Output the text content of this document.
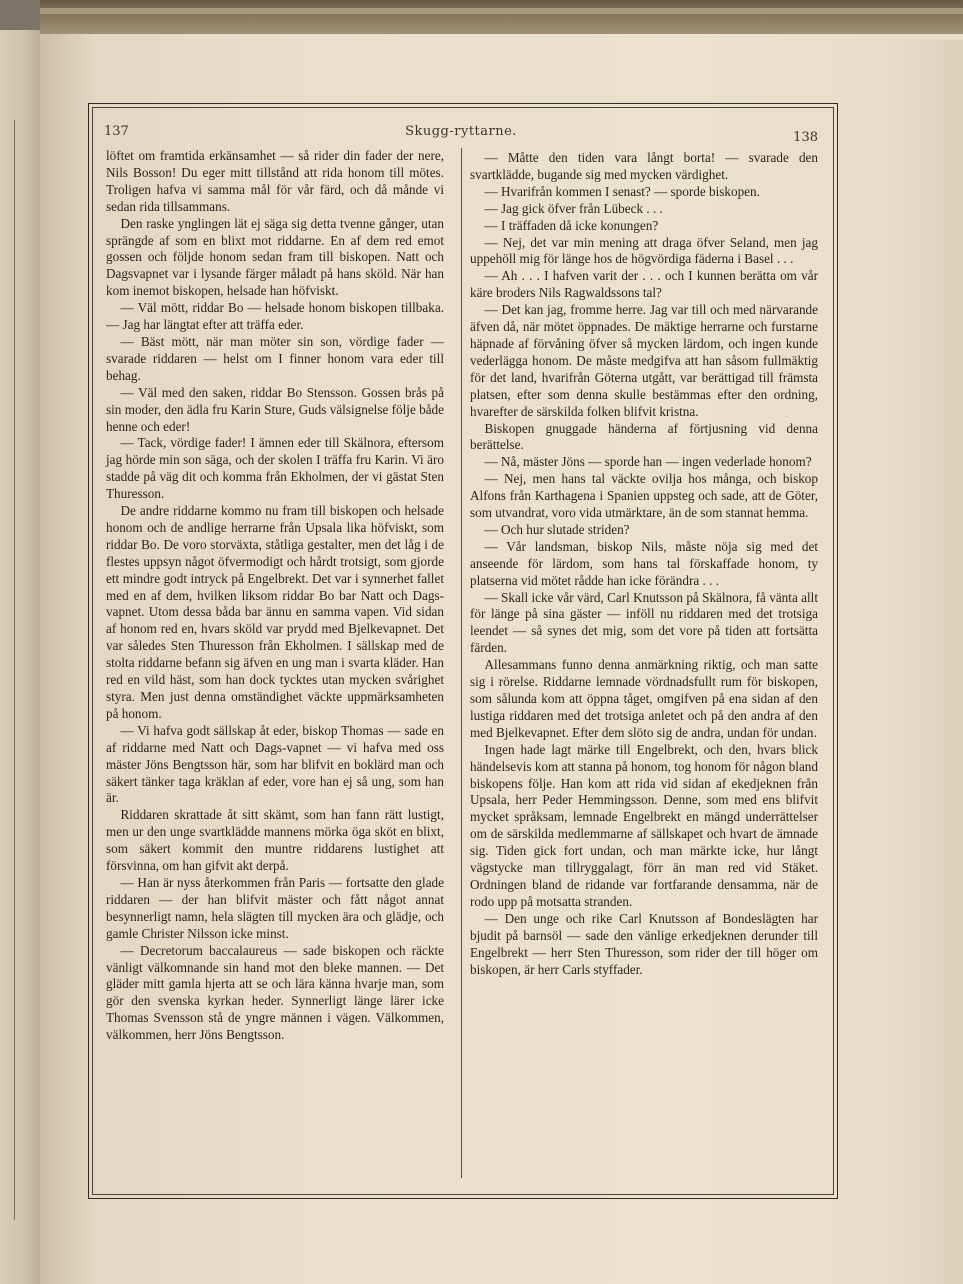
137	Skugg-ryttarne.	138

löftet om framtida erkänsamhet — så rider din fader der nere, Nils Bosson! Du eger mitt tillstånd att rida honom till mötes. Troligen hafva vi samma mål för vår färd, och då månde vi sedan rida tillsammans.

Den raske ynglingen lät ej säga sig detta tvenne gånger, utan sprängde af som en blixt mot riddarne. En af dem red emot gossen och följde honom sedan fram till biskopen. Natt och Dagsvapnet var i lysande färger måladt på hans sköld. När han kom inemot biskopen, helsade han höfviskt.

— Väl mött, riddar Bo — helsade honom biskopen tillbaka. — Jag har längtat efter att träffa eder.

— Bäst mött, när man möter sin son, vördige fader — svarade riddaren — helst om I finner honom vara eder till behag.

— Väl med den saken, riddar Bo Stensson. Gossen brås på sin moder, den ädla fru Karin Sture, Guds välsignelse följe både henne och eder!

— Tack, vördige fader! I ämnen eder till Skälnora, eftersom jag hörde min son säga, och der skolen I träffa fru Karin. Vi äro stadde på väg dit och komma från Ekholmen, der vi gästat Sten Thuresson.

De andre riddarne kommo nu fram till biskopen och helsade honom och de andlige herrarne från Upsala lika höfviskt, som riddar Bo. De voro storväxta, ståtliga gestalter, men det låg i de flestes uppsyn något öfvermodigt och hårdt trotsigt, som gjorde ett mindre godt intryck på Engelbrekt. Det var i synnerhet fallet med en af dem, hvilken liksom riddar Bo bar Natt och Dags-vapnet. Utom dessa båda bar ännu en samma vapen. Vid sidan af honom red en, hvars sköld var prydd med Bjelkevapnet. Det var således Sten Thuresson från Ekholmen. I sällskap med de stolta riddarne befann sig äfven en ung man i svarta kläder. Han red en vild häst, som han dock tycktes utan mycken svårighet styra. Men just denna omständighet väckte uppmärksamheten på honom.

— Vi hafva godt sällskap åt eder, biskop Thomas — sade en af riddarne med Natt och Dags-vapnet — vi hafva med oss mäster Jöns Bengtsson här, som har blifvit en boklärd man och säkert tänker taga kräklan af eder, vore han ej så ung, som han är.

Riddaren skrattade åt sitt skämt, som han fann rätt lustigt, men ur den unge svartklädde mannens mörka öga sköt en blixt, som säkert kommit den muntre riddarens lustighet att försvinna, om han gifvit akt derpå.

— Han är nyss återkommen från Paris — fortsatte den glade riddaren — der han blifvit mäster och fått något annat besynnerligt namn, hela slägten till mycken ära och glädje, och gamle Christer Nilsson icke minst.

— Decretorum baccalaureus — sade biskopen och räckte vänligt välkomnande sin hand mot den bleke mannen. — Det gläder mitt gamla hjerta att se och lära känna hvarje man, som gör den svenska kyrkan heder. Synnerligt länge lärer icke Thomas Svensson stå de yngre männen i vägen. Välkommen, välkommen, herr Jöns Bengtsson.

— Måtte den tiden vara långt borta! — svarade den svartklädde, bugande sig med mycken värdighet.

— Hvarifrån kommen I senast? — sporde biskopen.

— Jag gick öfver från Lübeck . . .

— I träffaden då icke konungen?

— Nej, det var min mening att draga öfver Seland, men jag uppehöll mig för länge hos de högvördiga fäderna i Basel . . .

— Ah . . . I hafven varit der . . . och I kunnen berätta om vår käre broders Nils Ragwaldssons tal?

— Det kan jag, fromme herre. Jag var till och med närvarande äfven då, när mötet öppnades. De mäktige herrarne och furstarne häpnade af förvåning öfver så mycken lärdom, och ingen kunde vederlägga honom. De måste medgifva att han såsom fullmäktig för det land, hvarifrån Göterna utgått, var berättigad till främsta platsen, efter som denna skulle bestämmas efter den ordning, hvarefter de särskilda folken blifvit kristna.

Biskopen gnuggade händerna af förtjusning vid denna berättelse.

— Nå, mäster Jöns — sporde han — ingen vederlade honom?

— Nej, men hans tal väckte ovilja hos många, och biskop Alfons från Karthagena i Spanien uppsteg och sade, att de Göter, som utvandrat, voro vida utmärktare, än de som stannat hemma.

— Och hur slutade striden?

— Vår landsman, biskop Nils, måste nöja sig med det anseende för lärdom, som hans tal förskaffade honom, ty platserna vid mötet rådde han icke förändra . . .

— Skall icke vår värd, Carl Knutsson på Skälnora, få vänta allt för länge på sina gäster — inföll nu riddaren med det trotsiga leendet — så synes det mig, som det vore på tiden att fortsätta färden.

Allesammans funno denna anmärkning riktig, och man satte sig i rörelse. Riddarne lemnade vördnadsfullt rum för biskopen, som sålunda kom att öppna tåget, omgifven på ena sidan af den lustiga riddaren med det trotsiga anletet och på den andra af den med Bjelkevapnet. Efter dem slöto sig de andra, undan för undan.

Ingen hade lagt märke till Engelbrekt, och den, hvars blick händelsevis kom att stanna på honom, tog honom för någon bland biskopens följe. Han kom att rida vid sidan af ekedjeknen från Upsala, herr Peder Hemmingsson. Denne, som med ens blifvit mycket språksam, lemnade Engelbrekt en mängd underrättelser om de särskilda medlemmarne af sällskapet och hvart de ämnade sig. Tiden gick fort undan, och man märkte icke, hur långt vägstycke man tillryggalagt, förr än man red vid Stäket. Ordningen bland de ridande var fortfarande densamma, när de rodo upp på motsatta stranden.

— Den unge och rike Carl Knutsson af Bondeslägten har bjudit på barnsöl — sade den vänlige erkedjeknen derunder till Engelbrekt — herr Sten Thuresson, som rider der till höger om biskopen, är herr Carls styffader.
